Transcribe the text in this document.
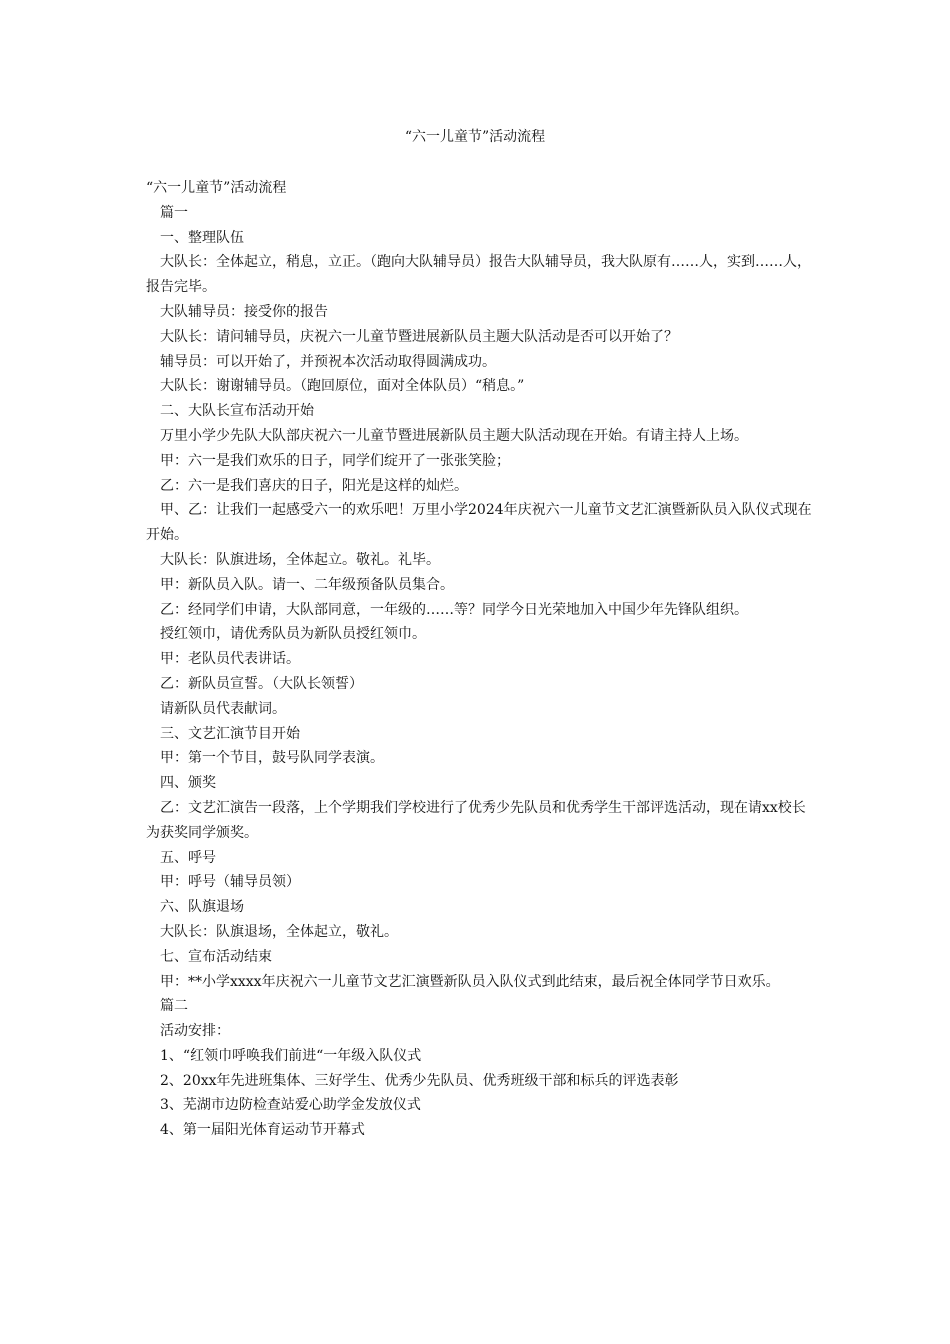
“六一儿童节”活动流程

“六一儿童节”活动流程

篇一

一、整理队伍

大队长：全体起立，稍息，立正。（跑向大队辅导员）报告大队辅导员，我大队原有……人，实到……人，报告完毕。

大队辅导员：接受你的报告

大队长：请问辅导员，庆祝六一儿童节暨进展新队员主题大队活动是否可以开始了？

辅导员：可以开始了，并预祝本次活动取得圆满成功。

大队长：谢谢辅导员。（跑回原位，面对全体队员）“稍息。”

二、大队长宣布活动开始

万里小学少先队大队部庆祝六一儿童节暨进展新队员主题大队活动现在开始。有请主持人上场。

甲：六一是我们欢乐的日子，同学们绽开了一张张笑脸；

乙：六一是我们喜庆的日子，阳光是这样的灿烂。

甲、乙：让我们一起感受六一的欢乐吧！万里小学2024年庆祝六一儿童节文艺汇演暨新队员入队仪式现在开始。

大队长：队旗进场，全体起立。敬礼。礼毕。

甲：新队员入队。请一、二年级预备队员集合。

乙：经同学们申请，大队部同意，一年级的……等？同学今日光荣地加入中国少年先锋队组织。

授红领巾，请优秀队员为新队员授红领巾。

甲：老队员代表讲话。

乙：新队员宣誓。（大队长领誓）

请新队员代表献词。

三、文艺汇演节目开始

甲：第一个节目，鼓号队同学表演。

四、颁奖

乙：文艺汇演告一段落，上个学期我们学校进行了优秀少先队员和优秀学生干部评选活动，现在请xx校长为获奖同学颁奖。

五、呼号

甲：呼号（辅导员领）

六、队旗退场

大队长：队旗退场，全体起立，敬礼。

七、宣布活动结束

甲：**小学xxxx年庆祝六一儿童节文艺汇演暨新队员入队仪式到此结束，最后祝全体同学节日欢乐。

篇二

活动安排：

1、“红领巾呼唤我们前进“一年级入队仪式

2、20xx年先进班集体、三好学生、优秀少先队员、优秀班级干部和标兵的评选表彰

3、芜湖市边防检查站爱心助学金发放仪式

4、第一届阳光体育运动节开幕式
